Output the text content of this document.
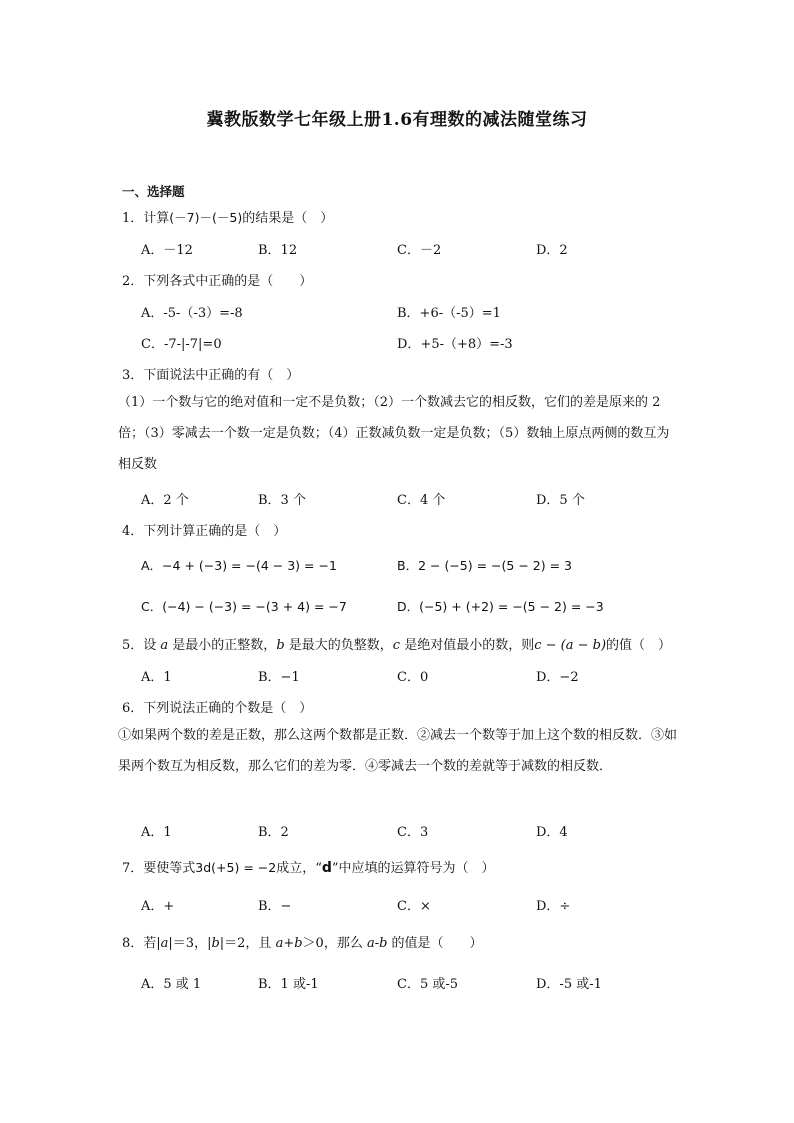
冀教版数学七年级上册1.6有理数的减法随堂练习
一、选择题
1．计算(－7)－(－5)的结果是（　）
A．－12	B．12	C．－2	D．2
2．下列各式中正确的是（　　）
A．-5-（-3）=-8	B．+6-（-5）=1
C．-7-|-7|=0	D．+5-（+8）=-3
3．下面说法中正确的有（　）
（1）一个数与它的绝对值和一定不是负数；（2）一个数减去它的相反数，它们的差是原来的 2 倍；（3）零减去一个数一定是负数；（4）正数减负数一定是负数；（5）数轴上原点两侧的数互为相反数
A．2 个	B．3 个	C．4 个	D．5 个
4．下列计算正确的是（　）
A．−4 + (−3) = −(4 − 3) = −1	B．2 − (−5) = −(5 − 2) = 3
C．(−4) − (−3) = −(3 + 4) = −7	D．(−5) + (+2) = −(5 − 2) = −3
5．设 a 是最小的正整数，b 是最大的负整数，c 是绝对值最小的数，则c − (a − b)的值（　）
A．1	B．−1	C．0	D．−2
6．下列说法正确的个数是（　）
①如果两个数的差是正数，那么这两个数都是正数．②减去一个数等于加上这个数的相反数．③如果两个数互为相反数，那么它们的差为零．④零减去一个数的差就等于减数的相反数．
A．1	B．2	C．3	D．4
7．要使等式3d(+5) = −2成立，“d”中应填的运算符号为（　）
A．+	B．−	C．×	D．÷
8．若|a|＝3，|b|＝2，且 a+b＞0，那么 a-b 的值是（　　）
A．5 或 1	B．1 或-1	C．5 或-5	D．-5 或-1
